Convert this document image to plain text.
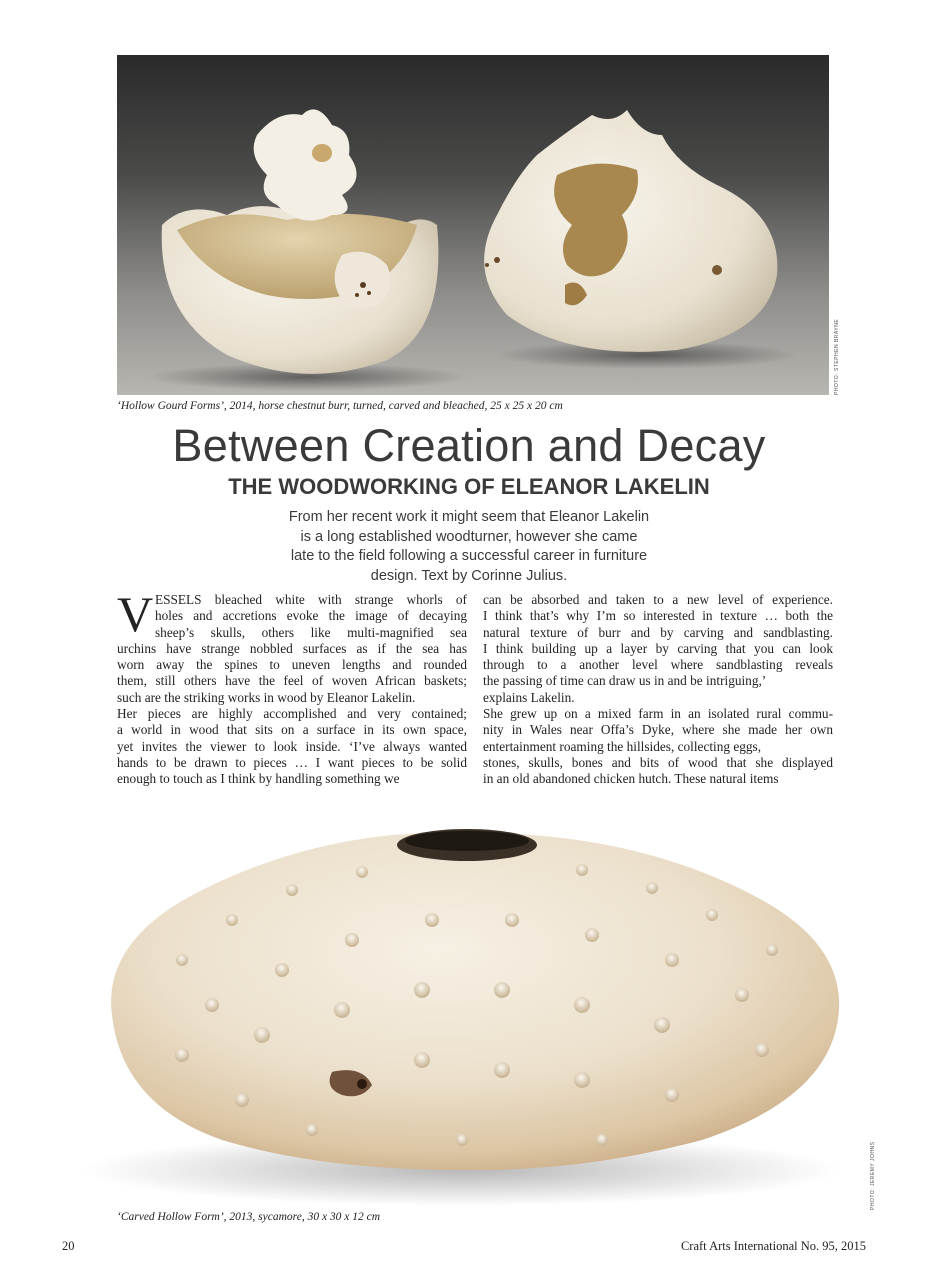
PHOTO: STEPHEN BRAYNE
‘Hollow Gourd Forms’, 2014, horse chestnut burr, turned, carved and bleached, 25 x 25 x 20 cm
Between Creation and Decay
THE WOODWORKING OF ELEANOR LAKELIN
From her recent work it might seem that Eleanor Lakelin
is a long established woodturner, however she came
late to the field following a successful career in furniture
design. Text by Corinne Julius.
V ESSELS bleached white with strange whorls of
holes and accretions evoke the image of decaying
sheep’s skulls, others like multi-magnified sea
urchins have strange nobbled surfaces as if the sea has
worn away the spines to uneven lengths and rounded
them, still others have the feel of woven African baskets;
such are the striking works in wood by Eleanor Lakelin.
Her pieces are highly accomplished and very contained;
a world in wood that sits on a surface in its own space,
yet invites the viewer to look inside. ‘I’ve always wanted
hands to be drawn to pieces … I want pieces to be solid
enough to touch as I think by handling something we
can be absorbed and taken to a new level of experience.
I think that’s why I’m so interested in texture … both the
natural texture of burr and by carving and sandblasting.
I think building up a layer by carving that you can look
through to a another level where sandblasting reveals
the passing of time can draw us in and be intriguing,’
explains Lakelin.
She grew up on a mixed farm in an isolated rural commu-
nity in Wales near Offa’s Dyke, where she made her own
entertainment roaming the hillsides, collecting eggs,
stones, skulls, bones and bits of wood that she displayed
in an old abandoned chicken hutch. These natural items
PHOTO: JEREMY JOHNS
‘Carved Hollow Form’, 2013, sycamore, 30 x 30 x 12 cm
20	Craft Arts International No. 95, 2015
